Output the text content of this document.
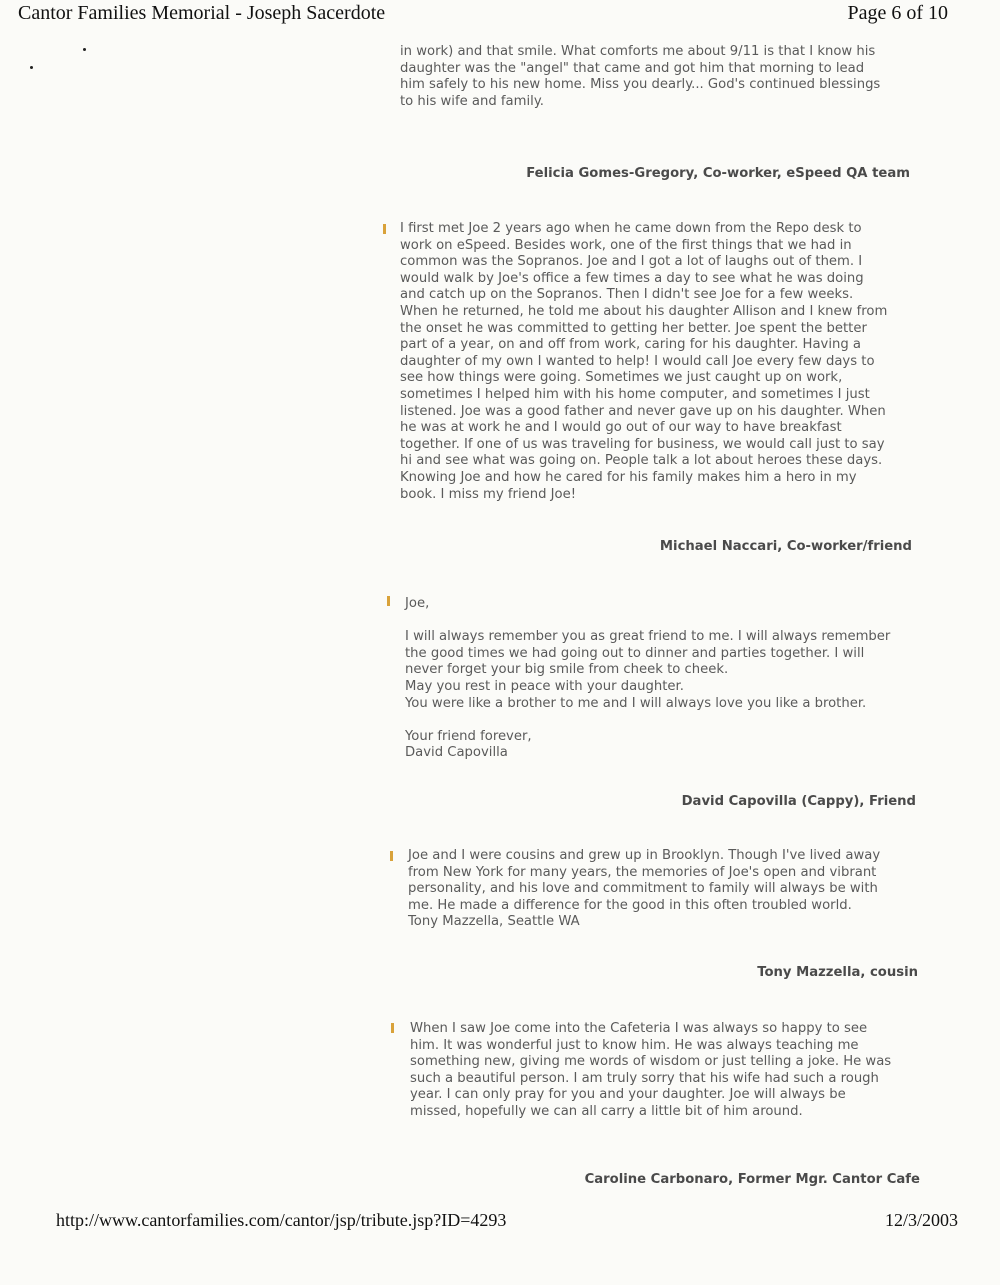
Cantor Families Memorial - Joseph Sacerdote	Page 6 of 10

in work) and that smile. What comforts me about 9/11 is that I know his
daughter was the "angel" that came and got him that morning to lead
him safely to his new home. Miss you dearly... God's continued blessings
to his wife and family.

Felicia Gomes-Gregory, Co-worker, eSpeed QA team

I first met Joe 2 years ago when he came down from the Repo desk to
work on eSpeed. Besides work, one of the first things that we had in
common was the Sopranos. Joe and I got a lot of laughs out of them. I
would walk by Joe's office a few times a day to see what he was doing
and catch up on the Sopranos. Then I didn't see Joe for a few weeks.
When he returned, he told me about his daughter Allison and I knew from
the onset he was committed to getting her better. Joe spent the better
part of a year, on and off from work, caring for his daughter. Having a
daughter of my own I wanted to help! I would call Joe every few days to
see how things were going. Sometimes we just caught up on work,
sometimes I helped him with his home computer, and sometimes I just
listened. Joe was a good father and never gave up on his daughter. When
he was at work he and I would go out of our way to have breakfast
together. If one of us was traveling for business, we would call just to say
hi and see what was going on. People talk a lot about heroes these days.
Knowing Joe and how he cared for his family makes him a hero in my
book. I miss my friend Joe!

Michael Naccari, Co-worker/friend

Joe,

I will always remember you as great friend to me. I will always remember
the good times we had going out to dinner and parties together. I will
never forget your big smile from cheek to cheek.
May you rest in peace with your daughter.
You were like a brother to me and I will always love you like a brother.

Your friend forever,
David Capovilla

David Capovilla (Cappy), Friend

Joe and I were cousins and grew up in Brooklyn. Though I've lived away
from New York for many years, the memories of Joe's open and vibrant
personality, and his love and commitment to family will always be with
me. He made a difference for the good in this often troubled world.
Tony Mazzella, Seattle WA

Tony Mazzella, cousin

When I saw Joe come into the Cafeteria I was always so happy to see
him. It was wonderful just to know him. He was always teaching me
something new, giving me words of wisdom or just telling a joke. He was
such a beautiful person. I am truly sorry that his wife had such a rough
year. I can only pray for you and your daughter. Joe will always be
missed, hopefully we can all carry a little bit of him around.

Caroline Carbonaro, Former Mgr. Cantor Cafe
http://www.cantorfamilies.com/cantor/jsp/tribute.jsp?ID=4293	12/3/2003
